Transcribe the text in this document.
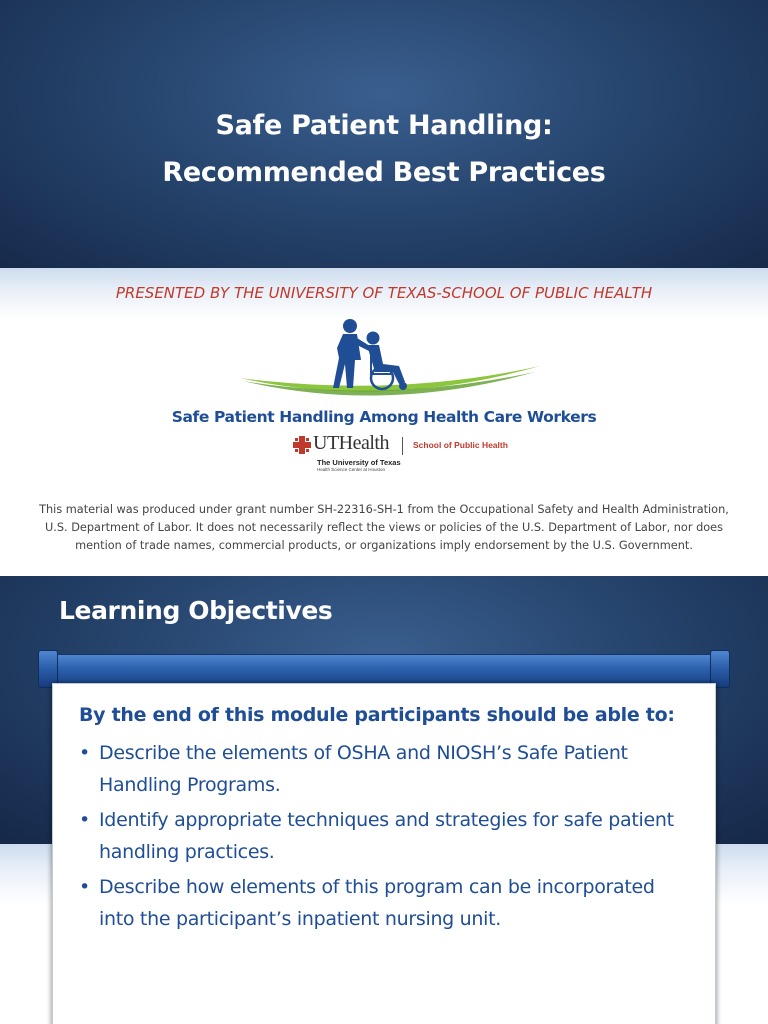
Safe Patient Handling:
Recommended Best Practices
PRESENTED BY THE UNIVERSITY OF TEXAS-SCHOOL OF PUBLIC HEALTH
Safe Patient Handling Among Health Care Workers
UTHealth	School of Public Health
The University of Texas
Health Science Center at Houston
This material was produced under grant number SH-22316-SH-1 from the Occupational Safety and Health Administration, U.S. Department of Labor. It does not necessarily reflect the views or policies of the U.S. Department of Labor, nor does mention of trade names, commercial products, or organizations imply endorsement by the U.S. Government.
Learning Objectives

By the end of this module participants should be able to:

• Describe the elements of OSHA and NIOSH’s Safe Patient Handling Programs.
• Identify appropriate techniques and strategies for safe patient handling practices.
• Describe how elements of this program can be incorporated into the participant’s inpatient nursing unit.
